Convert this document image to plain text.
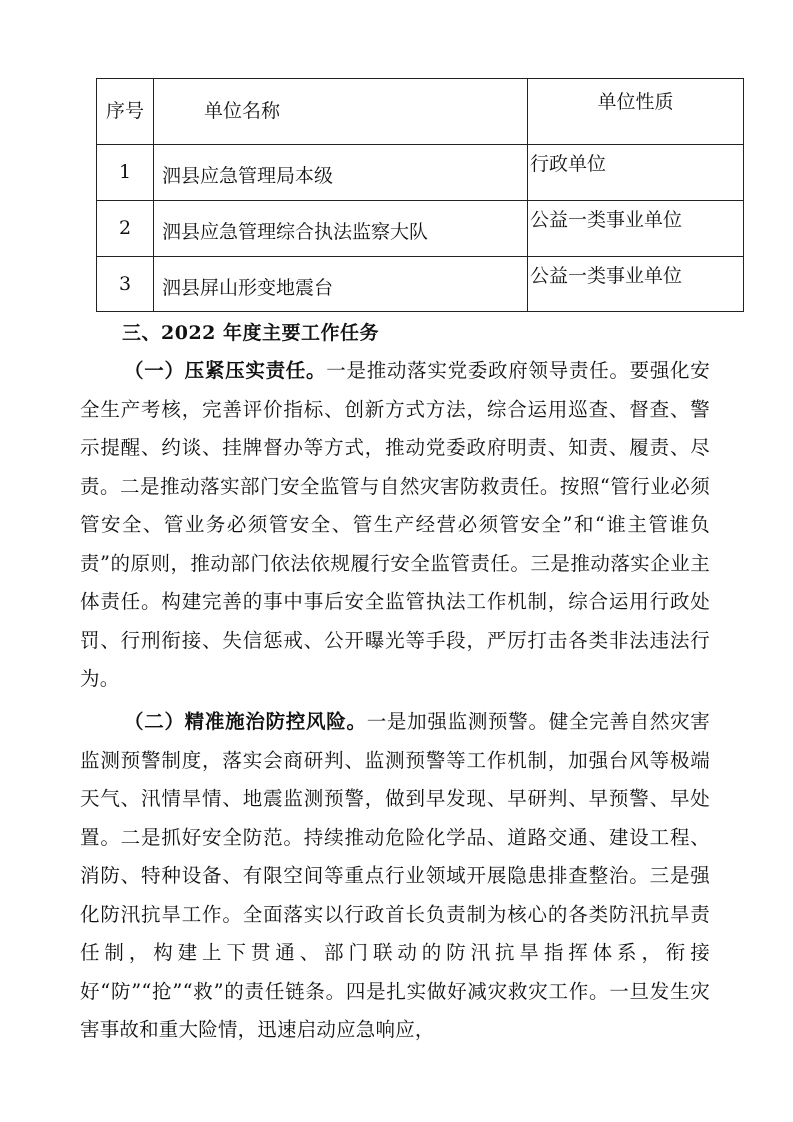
序号	单位名称	单位性质
1	泗县应急管理局本级	行政单位
2	泗县应急管理综合执法监察大队	公益一类事业单位
3	泗县屏山形变地震台	公益一类事业单位
三、2022 年度主要工作任务

（一）压紧压实责任。一是推动落实党委政府领导责任。要强化安全生产考核，完善评价指标、创新方式方法，综合运用巡查、督查、警示提醒、约谈、挂牌督办等方式，推动党委政府明责、知责、履责、尽责。二是推动落实部门安全监管与自然灾害防救责任。按照“管行业必须管安全、管业务必须管安全、管生产经营必须管安全”和“谁主管谁负责”的原则，推动部门依法依规履行安全监管责任。三是推动落实企业主体责任。构建完善的事中事后安全监管执法工作机制，综合运用行政处罚、行刑衔接、失信惩戒、公开曝光等手段，严厉打击各类非法违法行为。

（二）精准施治防控风险。一是加强监测预警。健全完善自然灾害监测预警制度，落实会商研判、监测预警等工作机制，加强台风等极端天气、汛情旱情、地震监测预警，做到早发现、早研判、早预警、早处置。二是抓好安全防范。持续推动危险化学品、道路交通、建设工程、消防、特种设备、有限空间等重点行业领域开展隐患排查整治。三是强化防汛抗旱工作。全面落实以行政首长负责制为核心的各类防汛抗旱责任制，构建上下贯通、部门联动的防汛抗旱指挥体系，衔接好“防”“抢”“救”的责任链条。四是扎实做好减灾救灾工作。一旦发生灾害事故和重大险情，迅速启动应急响应，
